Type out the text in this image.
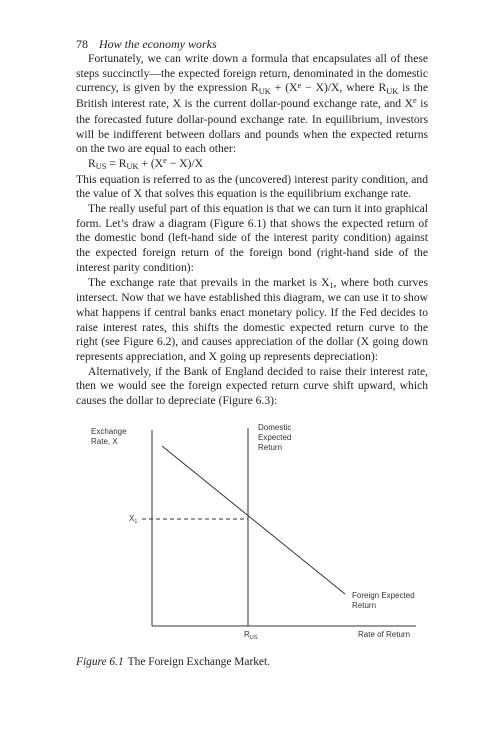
78 How the economy works

Fortunately, we can write down a formula that encapsulates all of these steps succinctly—the expected foreign return, denominated in the domestic currency, is given by the expression $R_{UK} + (X^e - X)/X$, where $R_{UK}$ is the British interest rate, X is the current dollar-pound exchange rate, and Xe is the forecasted future dollar-pound exchange rate. In equilibrium, investors will be indifferent between dollars and pounds when the expected returns on the two are equal to each other:

$R_{US} = R_{UK} + (X^e - X)/X$

This equation is referred to as the (uncovered) interest parity condition, and the value of X that solves this equation is the equilibrium exchange rate.

The really useful part of this equation is that we can turn it into graphical form. Let’s draw a diagram (Figure 6.1) that shows the expected return of the domestic bond (left-hand side of the interest parity condition) against the expected foreign return of the foreign bond (right-hand side of the interest parity condition):

The exchange rate that prevails in the market is $X_1$, where both curves intersect. Now that we have established this diagram, we can use it to show what happens if central banks enact monetary policy. If the Fed decides to raise interest rates, this shifts the domestic expected return curve to the right (see Figure 6.2), and causes appreciation of the dollar (X going down represents appreciation, and X going up represents depreciation):

Alternatively, if the Bank of England decided to raise their interest rate, then we would see the foreign expected return curve shift upward, which causes the dollar to depreciate (Figure 6.3):

Exchange
Rate, X
Domestic
Expected
Return
Foreign Expected
Return
$X_1$
$R_{US}$	Rate of Return
Figure 6.1 The Foreign Exchange Market.
